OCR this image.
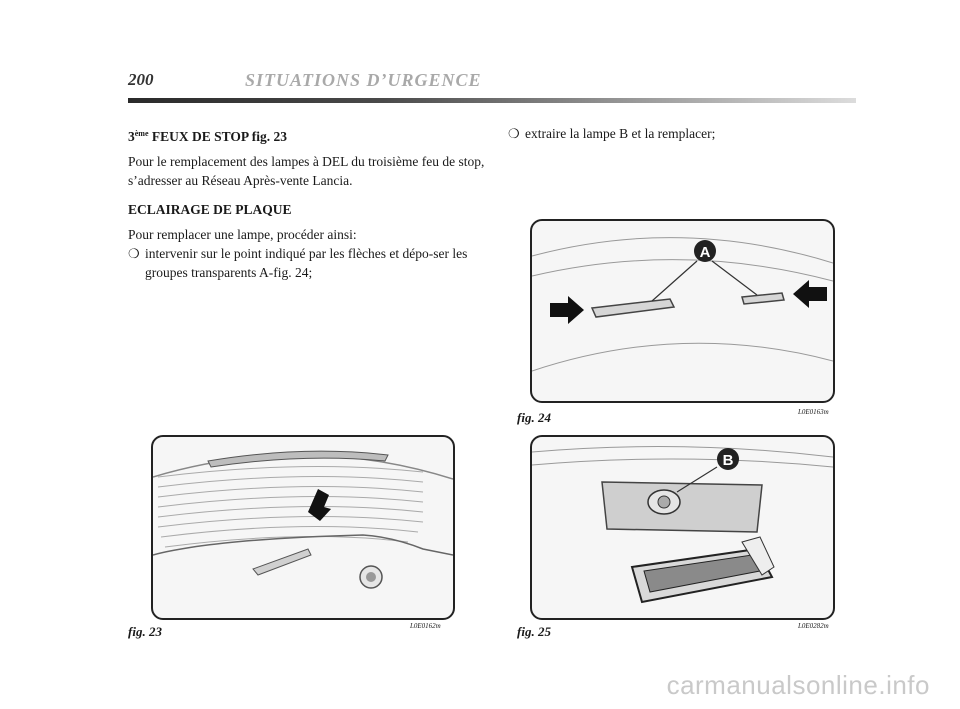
200	SITUATIONS D’URGENCE
3ème FEUX DE STOP fig. 23
Pour le remplacement des lampes à DEL du troisième feu de stop, s’adresser au Réseau Après-vente Lancia.
ECLAIRAGE DE PLAQUE
Pour remplacer une lampe, procéder ainsi:
❍ intervenir sur le point indiqué par les flèches et dépo-ser les groupes transparents A-fig. 24;
❍ extraire la lampe B et la remplacer;
fig. 23	L0E0162m
A
fig. 24	L0E0163m
B
fig. 25	L0E0282m
carmanualsonline.info
